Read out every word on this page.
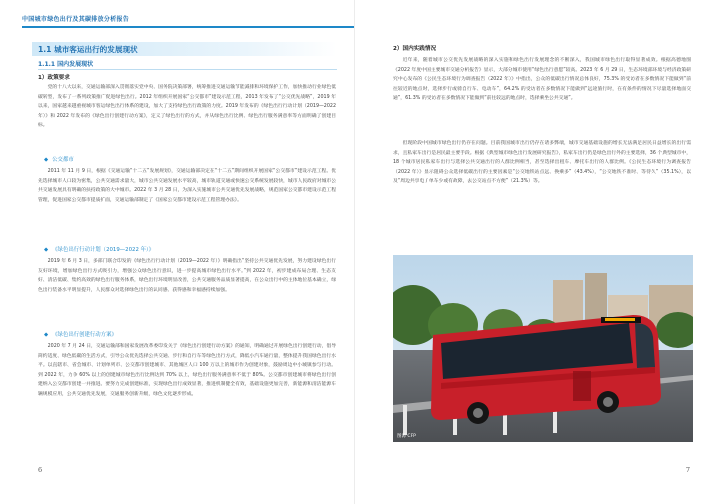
中国城市绿色出行及其碳排放分析报告
1.1 城市客运出行的发展现状
1.1.1 国内发展现状
1）政策要求
党的十八大以来，交通运输部深入贯彻落实党中央、国务院决策部署，统筹推进交通运输节能减排和环境保护工作，加快推动行业绿色低碳转型，发布了一系列政策推广促进绿色出行。2012 年组织开展国家“公交都市”建设示范工程，2013 年发布了“公交优先战略”，2019 年以来，国家越来越重视城市客运绿色出行体系的建设，加大了支持绿色出行政策的力度。2019 年发布的《绿色出行行动计划（2019—2022 年）》和 2022 年发布的《绿色出行创建行动方案》，定义了绿色出行的方式，并从绿色出行比例、绿色出行服务满意率等方面明确了创建目标。
◆ 公交都市
2011 年 11 月 9 日，根据《交通运输“十二五”发展规划》，交通运输部决定在“十二五”期间组织开展国家“公交都市”建设示范工程。优先选择城市人口较为密集，公共交通需求量大，城市公共交通发展水平较高，城市轨道交通或快速公交系统发展较快，城市人民政府对城市公共交通发展具有明确的扶持政策的大中城市。2022 年 3 月 28 日，为深入实施城市公共交通优先发展战略，规范国家公交都市建设示范工程管理，促进国家公交都市提质扩面，交通运输部制定了《国家公交都市建设示范工程管理办法》。
◆ 《绿色出行行动计划（2019—2022 年）》
2019 年 6 月 3 日，多部门联合印发的《绿色出行行动计划（2019—2022 年）》明确指出“坚持公共交通优先发展，努力建设绿色出行友好环境，增加绿色出行方式吸引力，增强公众绿色出行意识，进一步提高城市绿色出行水平。”到 2022 年，初步建成布局合理、生态友好、清洁低碳、集约高效的绿色出行服务体系，绿色出行环境明显改善，公共交通服务品质显著提高，在公众出行中的主体地位基本确立，绿色出行装备水平明显提升，人民群众对选择绿色出行的认同感、获得感和幸福感持续加强。
◆ 《绿色出行创建行动方案》
2020 年 7 月 24 日，交通运输部和国家发展改革委印发关于《绿色出行创建行动方案》的通知，明确通过开展绿色出行创建行动，倡导简约适度、绿色低碳的生活方式，引导公众优先选择公共交通、步行和自行车等绿色出行方式，降低小汽车通行量，整体提升我国绿色出行水平。以直辖市、省会城市、计划单列市、公交都市创建城市、其他城区人口 100 万以上的城市作为创建对象，鼓励周边中小城镇参与行动。到 2022 年，力争 60% 以上的创建城市绿色出行比例达到 70% 以上，绿色出行服务满意率不低于 80%。公交都市创建城市将绿色出行创建纳入公交都市创建一并推进。要努力完成创建标准，实现绿色出行成效显著，推进机制健全有效，基础设施更加完善，新能源和清洁能源车辆规模应用，公共交通优先发展，交通服务创新升级，绿色文化逐步形成。
6
2）国内实践情况
近年来，随着城市公交优先发展战略的深入实施和绿色出行发展理念的不断深入，我国城市绿色出行取得显著成效。根据高德地图《2022 年度中国主要城市交通分析报告》显示，大部分城市使用“绿色出行意愿”较高。2023 年 6 月 29 日，生态环境部环境与经济政策研究中心发布的《公民生态环境行为调查报告（2022 年）》中指出，公众的低碳出行情况总体良好，75.3% 的受访者在多数情况下能做到“前往较近的地点时，选择步行或骑自行车、电动车”，64.2% 的受访者在多数情况下能做到“远途旅行时，在有条件的情况下尽量选择地面交通”，61.3% 的受访者在多数情况下能做到“前往较远的地点时，选择乘坐公共交通”。
但现阶段中国城市绿色出行仍存在问题。目前我国城市出行仍存在诸多弊端，城市交通基础设施的增长无法满足居民日益增长的出行需求，且私家车出行是居民最主要手段。根据《典型城市绿色出行发展研究报告》，私家车出行仍是绿色出行外的主要选择，36 个典型城市中，18 个城市居民私家车出行与选择公共交通出行的人群比例相当，甚至选择出租车、摩托车出行的人群比例。《公民生态环境行为调查报告（2022 年）》显示阻碍公众选择低碳出行的主要因素是“公交地铁站点远、换乘多”（43.4%），“公交地铁不准时、等待久”（35.1%），以及“周边共享电 / 单车少或有故障，去公交站点不方便”（21.3%）等。
图源 CFP
7
